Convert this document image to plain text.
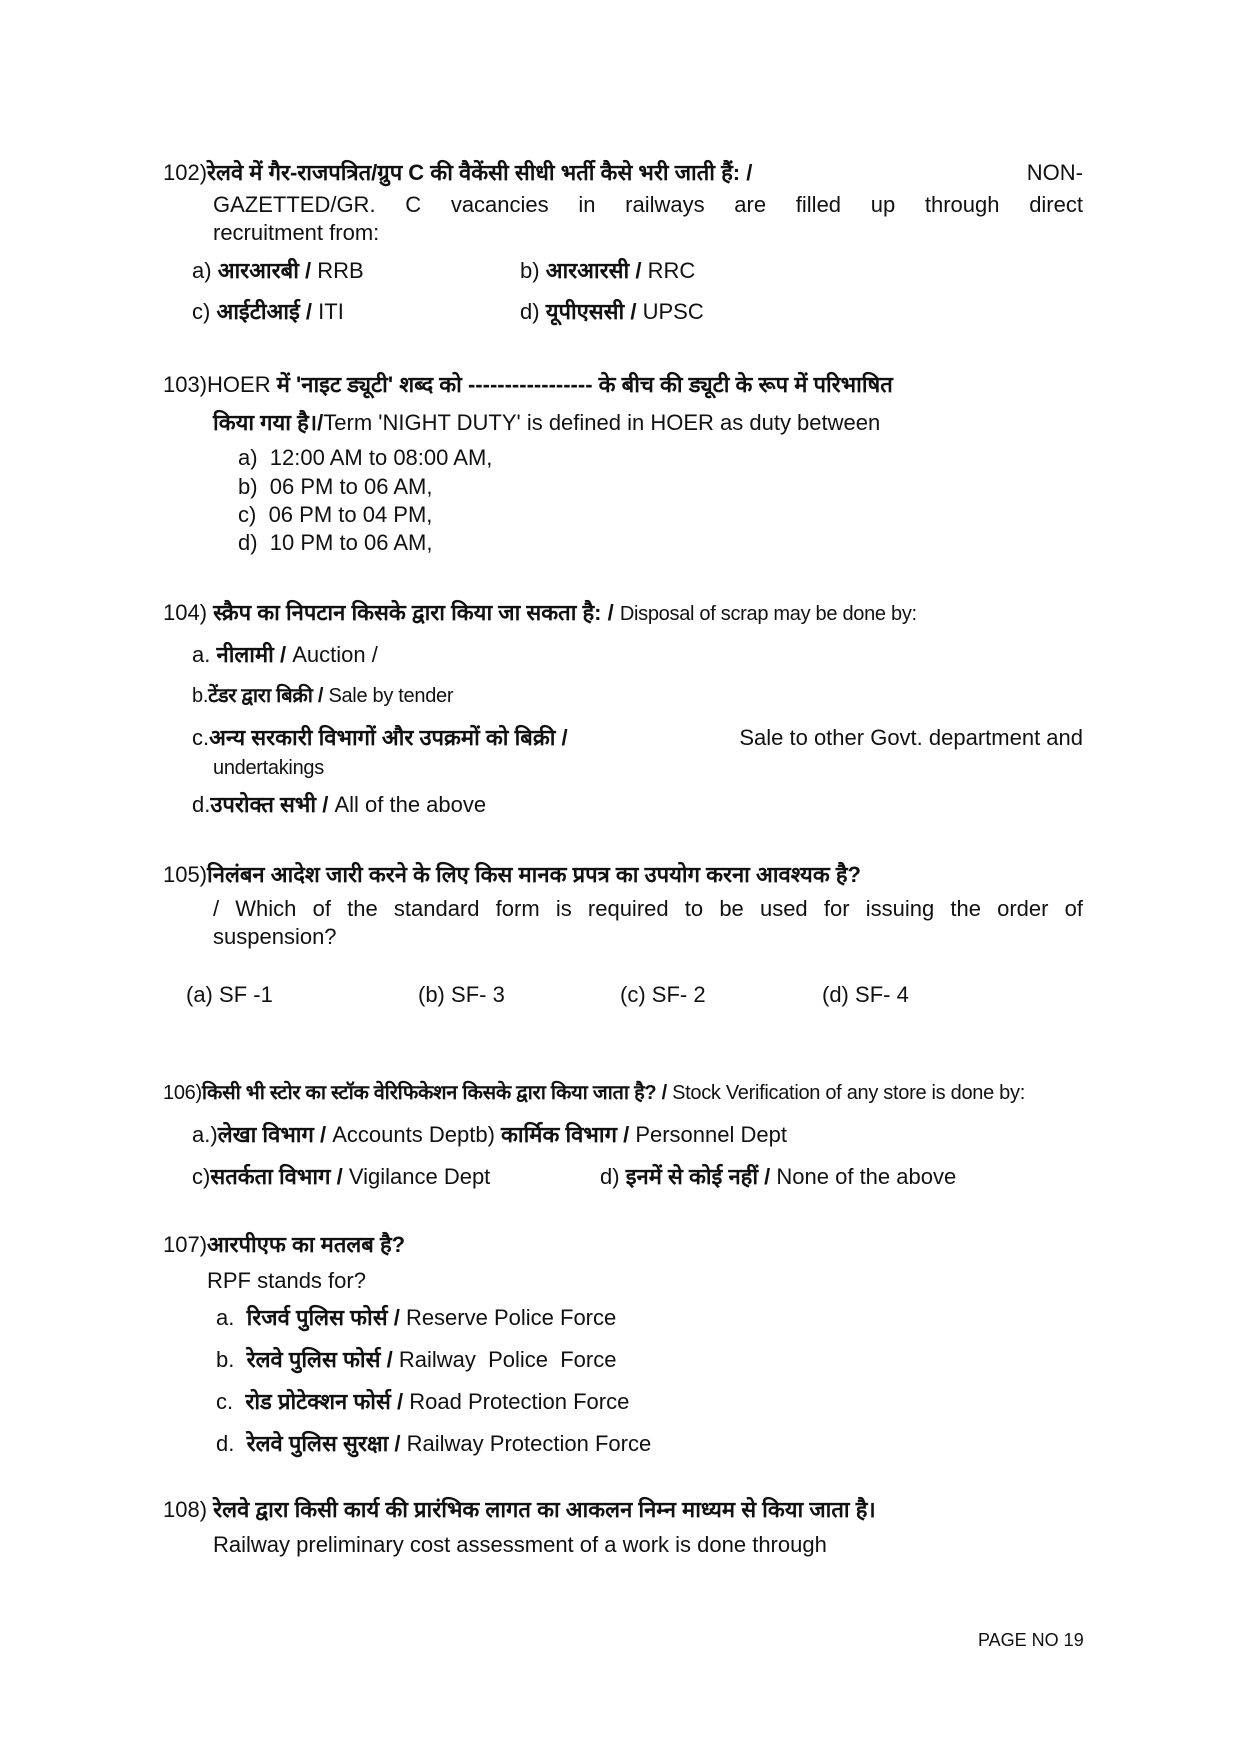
102)रेलवे में गैर-राजपत्रित/ग्रुप C की वैकेंसी सीधी भर्ती कैसे भरी जाती हैं: /	NON-
GAZETTED/GR. C vacancies in railways are filled up through direct
recruitment from:
a) आरआरबी / RRB	b) आरआरसी / RRC
c) आईटीआई / ITI	d) यूपीएससी / UPSC
103)HOER में 'नाइट ड्यूटी' शब्द को ----------------- के बीच की ड्यूटी के रूप में परिभाषित
किया गया है।/Term 'NIGHT DUTY' is defined in HOER as duty between
a) 12:00 AM to 08:00 AM,
b) 06 PM to 06 AM,
c) 06 PM to 04 PM,
d) 10 PM to 06 AM,
104) स्क्रैप का निपटान किसके द्वारा किया जा सकता है: / Disposal of scrap may be done by:
a. नीलामी / Auction /
b.टेंडर द्वारा बिक्री / Sale by tender
c.अन्य सरकारी विभागों और उपक्रमों को बिक्री /	Sale to other Govt. department and
undertakings
d.उपरोक्त सभी / All of the above
105)निलंबन आदेश जारी करने के लिए किस मानक प्रपत्र का उपयोग करना आवश्यक है?
/ Which of the standard form is required to be used for issuing the order of
suspension?
(a) SF -1	(b) SF- 3	(c) SF- 2	(d) SF- 4
106)किसी भी स्टोर का स्टॉक वेरिफिकेशन किसके द्वारा किया जाता है? / Stock Verification of any store is done by:
a.)लेखा विभाग / Accounts Deptb) कार्मिक विभाग / Personnel Dept
c)सतर्कता विभाग / Vigilance Dept	d) इनमें से कोई नहीं / None of the above
107)आरपीएफ का मतलब है?
RPF stands for?
a. रिजर्व पुलिस फोर्स / Reserve Police Force
b. रेलवे पुलिस फोर्स / Railway  Police  Force
c. रोड प्रोटेक्शन फोर्स / Road Protection Force
d. रेलवे पुलिस सुरक्षा / Railway Protection Force
108) रेलवे द्वारा किसी कार्य की प्रारंभिक लागत का आकलन निम्न माध्यम से किया जाता है।
Railway preliminary cost assessment of a work is done through
PAGE NO 19
